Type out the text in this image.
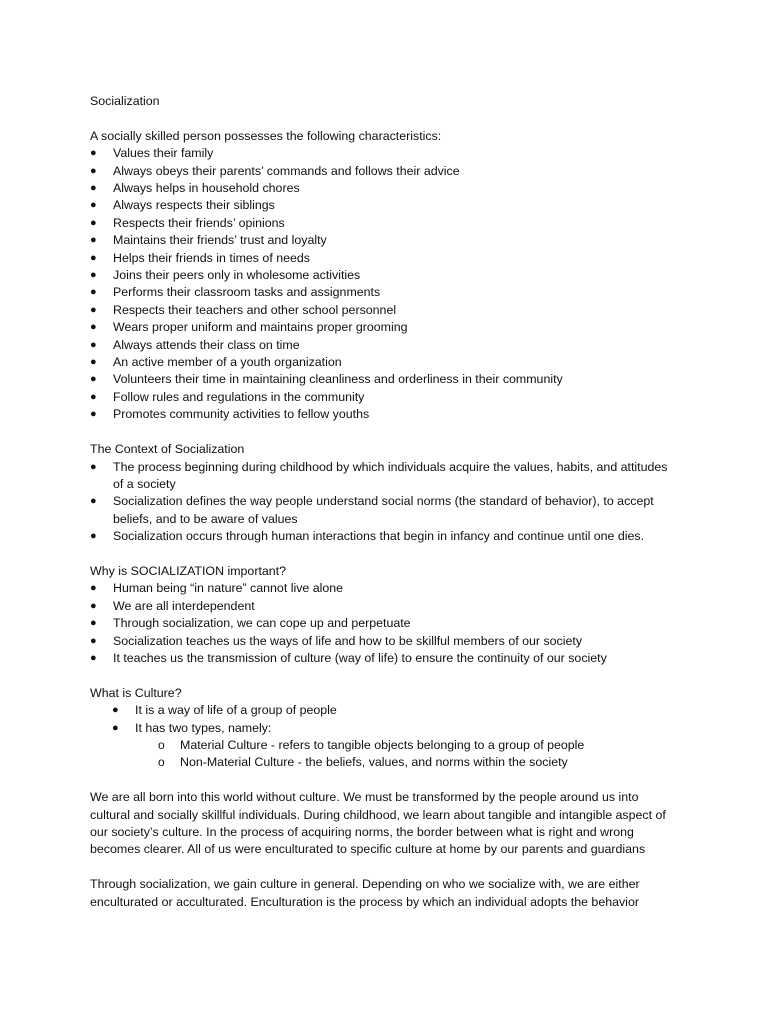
Socialization

A socially skilled person possesses the following characteristics:

●	Values their family
●	Always obeys their parents’ commands and follows their advice
●	Always helps in household chores
●	Always respects their siblings
●	Respects their friends’ opinions
●	Maintains their friends’ trust and loyalty
●	Helps their friends in times of needs
●	Joins their peers only in wholesome activities
●	Performs their classroom tasks and assignments
●	Respects their teachers and other school personnel
●	Wears proper uniform and maintains proper grooming
●	Always attends their class on time
●	An active member of a youth organization
●	Volunteers their time in maintaining cleanliness and orderliness in their community
●	Follow rules and regulations in the community
●	Promotes community activities to fellow youths

The Context of Socialization

●	The process beginning during childhood by which individuals acquire the values, habits, and attitudes of a society
●	Socialization defines the way people understand social norms (the standard of behavior), to accept beliefs, and to be aware of values
●	Socialization occurs through human interactions that begin in infancy and continue until one dies.

Why is SOCIALIZATION important?

●	Human being “in nature” cannot live alone
●	We are all interdependent
●	Through socialization, we can cope up and perpetuate
●	Socialization teaches us the ways of life and how to be skillful members of our society
●	It teaches us the transmission of culture (way of life) to ensure the continuity of our society

What is Culture?

●	It is a way of life of a group of people
●	It has two types, namely:
o	Material Culture - refers to tangible objects belonging to a group of people
o	Non-Material Culture - the beliefs, values, and norms within the society

We are all born into this world without culture. We must be transformed by the people around us into cultural and socially skillful individuals. During childhood, we learn about tangible and intangible aspect of our society’s culture. In the process of acquiring norms, the border between what is right and wrong becomes clearer. All of us were enculturated to specific culture at home by our parents and guardians

Through socialization, we gain culture in general. Depending on who we socialize with, we are either enculturated or acculturated. Enculturation is the process by which an individual adopts the behavior
